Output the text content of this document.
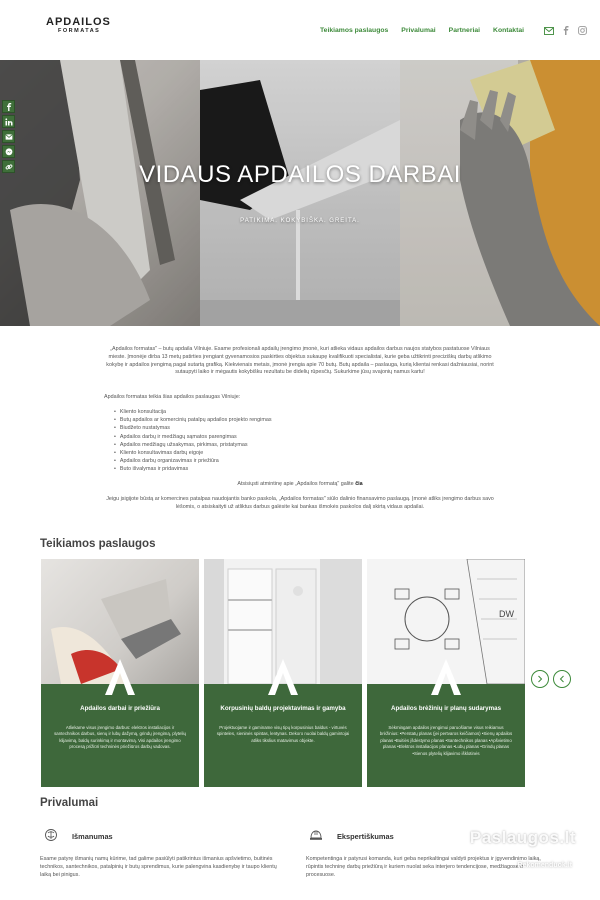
APDAILOS
FORMATAS	Teikiamos paslaugos Privalumai Partneriai Kontaktai
VIDAUS APDAILOS DARBAI
PATIKIMA. KOKYBIŠKA. GREITA.

„Apdailos formatas" – butų apdaila Vilniuje. Esame profesionali apdailų įrengimo įmonė, kuri atlieka vidaus apdailos darbus naujos statybos pastatuose Vilniaus mieste. Įmonėje dirba 13 metų patirties įrengiant gyvenamosios paskirties objektus sukaupę kvalifikuoti specialistai, kurie geba užtikrinti preciziškų darbų atlikimo kokybę ir apdailos įrengimą pagal sutartą grafiką. Kiekvienais metais, įmonė įrengia apie 70 butų. Butų apdaila – paslauga, kurią klientai renkasi dažniausiai, norint sutaupyti laiko ir mėgautis kokybišku rezultatu be didelių rūpesčių. Sukurkime jūsų svajonių namus kartu!

Apdailos formatas teikia šias apdailos paslaugas Vilniuje:

• Kliento konsultacija
• Butų apdailos ar komercinių patalpų apdailos projekto rengimas
• Biudžeto nustatymas
• Apdailos darbų ir medžiagų sąmatos parengimas
• Apdailos medžiagų užsakymas, pirkimas, pristatymas
• Kliento konsultavimas darbų eigoje
• Apdailos darbų organizavimas ir priežiūra
• Buto išvalymas ir pridavimas

Atsisiųsti atmintinę apie „Apdailos formatą" galite čia

Jeigu įsigijote būstą ar komercines patalpas naudojantis banko paskola, „Apdailos formatas" siūlo dalinio finansavimo paslaugą. Įmonė atliks įrengimo darbus savo lėšomis, o atsiskaityti už atliktus darbus galėsite kai bankas išmokės paskolos dalį skirtą vidaus apdailai.

Teikiamos paslaugos
Apdailos darbai ir priežiūra
Atliekame visus įrengimo darbus: elektros instaliacijos ir santechnikos darbus, sienų ir lubų dažymą, grindų įrengimą, plytelių klijavimą, baldų surinkimą ir montavimą. Visi apdailos įrengimo procesą prižiūri techninės priežiūros darbų vadovas.
Korpusinių baldų projektavimas ir gamyba
Projektuojame ir gaminame visų tipų korpusinius baldus - virtuvės spinteles, sieninės spintas, lentynas. Dekoro nuolai baldų gamintojai atliks tikslius matavimus objekte.
DW
Apdailos brėžinių ir planų sudarymas
Sėkmingam apdailos įrengimui paruošiame visus reikiamus brėžinius: •Perstatų planas (jei pertvaros keičiamos) •Sienų apdailos planas •Buitiės įšdėstymo planas •Santechnikos planas •Apšvietimo planas •Elektros instaliacijos planas •Lubų planas •Grindų planas •Sienos plytelių klijavimo išklotinės
Privalumai
Išmanumas

Esame patyrę išmanių namų kūrime, tad galime pasiūlyti patikrintus išmanius apšvietimo, buitinės technikos, santechnikos, patalpinių ir butų sprendimus, kurie palengvina kasdienybę ir taupo klientų laiką bei pinigus.

Ekspertiškumas

Kompetentinga ir patyrusi komanda, kuri geba neprikaltingai valdyti projektus ir įgyvendinimo laiką, rūpintis techninę darbų priežiūrą ir kuriem nuolat seka interjero tendencijose, medžiagose ir procesuose.

Paslaugos.lt
Rekomenduok.lt
